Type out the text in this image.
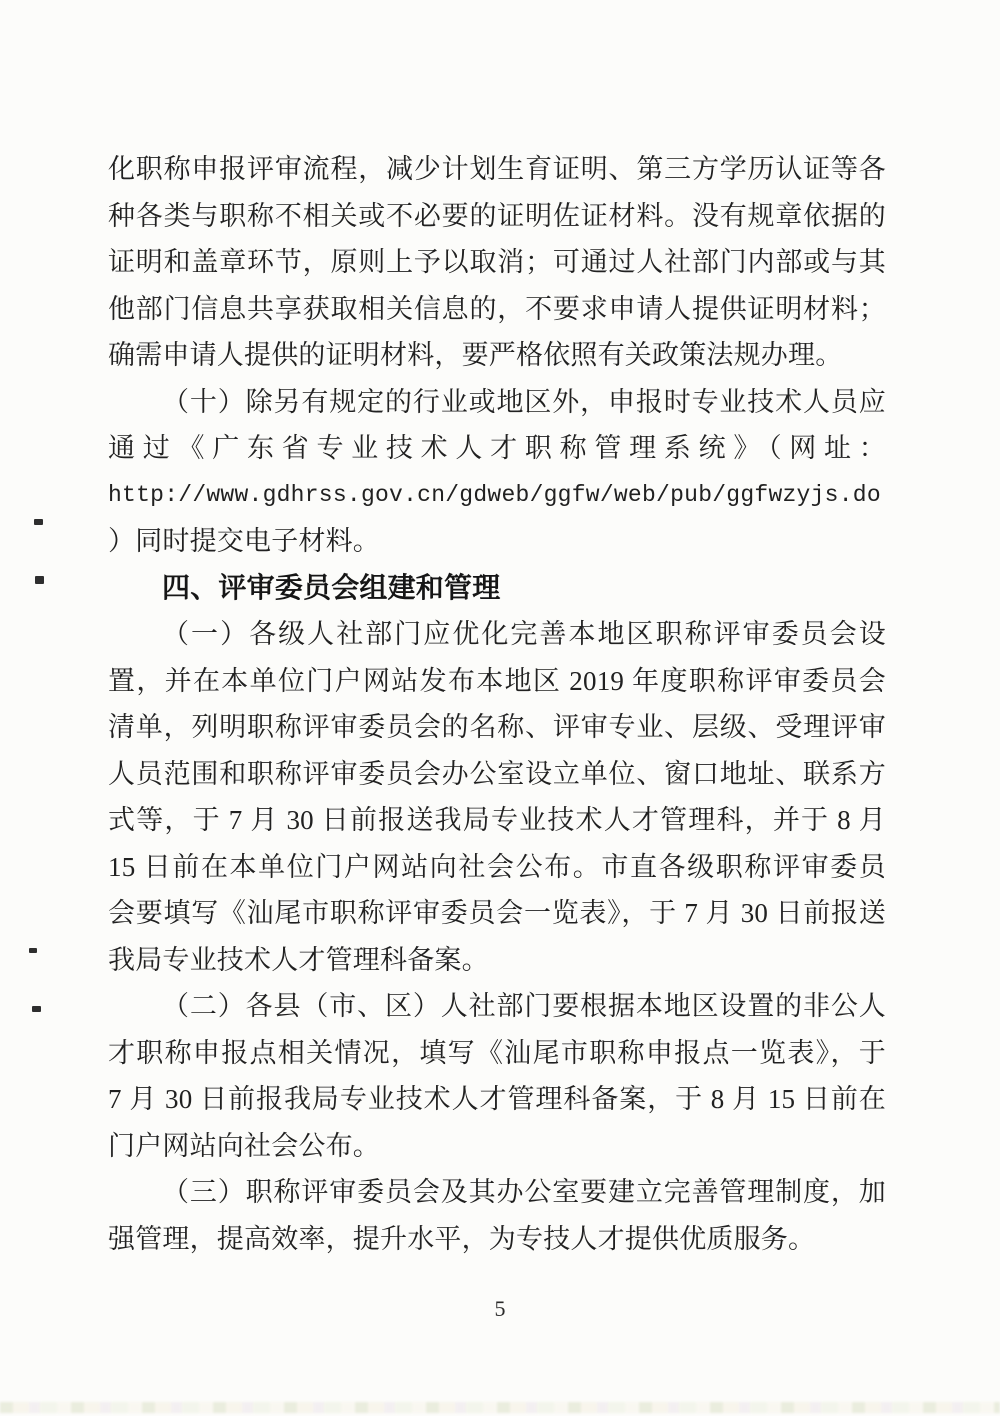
化职称申报评审流程，减少计划生育证明、第三方学历认证等各
种各类与职称不相关或不必要的证明佐证材料。没有规章依据的
证明和盖章环节，原则上予以取消；可通过人社部门内部或与其
他部门信息共享获取相关信息的，不要求申请人提供证明材料；
确需申请人提供的证明材料，要严格依照有关政策法规办理。
（十）除另有规定的行业或地区外，申报时专业技术人员应
通过《广东省专业技术人才职称管理系统》（网址：
http://www.gdhrss.gov.cn/gdweb/ggfw/web/pub/ggfwzyjs.do
）同时提交电子材料。
四、评审委员会组建和管理
（一）各级人社部门应优化完善本地区职称评审委员会设
置，并在本单位门户网站发布本地区 2019 年度职称评审委员会
清单，列明职称评审委员会的名称、评审专业、层级、受理评审
人员范围和职称评审委员会办公室设立单位、窗口地址、联系方
式等，于 7 月 30 日前报送我局专业技术人才管理科，并于 8 月
15 日前在本单位门户网站向社会公布。市直各级职称评审委员
会要填写《汕尾市职称评审委员会一览表》，于 7 月 30 日前报送
我局专业技术人才管理科备案。
（二）各县（市、区）人社部门要根据本地区设置的非公人
才职称申报点相关情况，填写《汕尾市职称申报点一览表》，于
7 月 30 日前报我局专业技术人才管理科备案，于 8 月 15 日前在
门户网站向社会公布。
（三）职称评审委员会及其办公室要建立完善管理制度，加
强管理，提高效率，提升水平，为专技人才提供优质服务。
5
